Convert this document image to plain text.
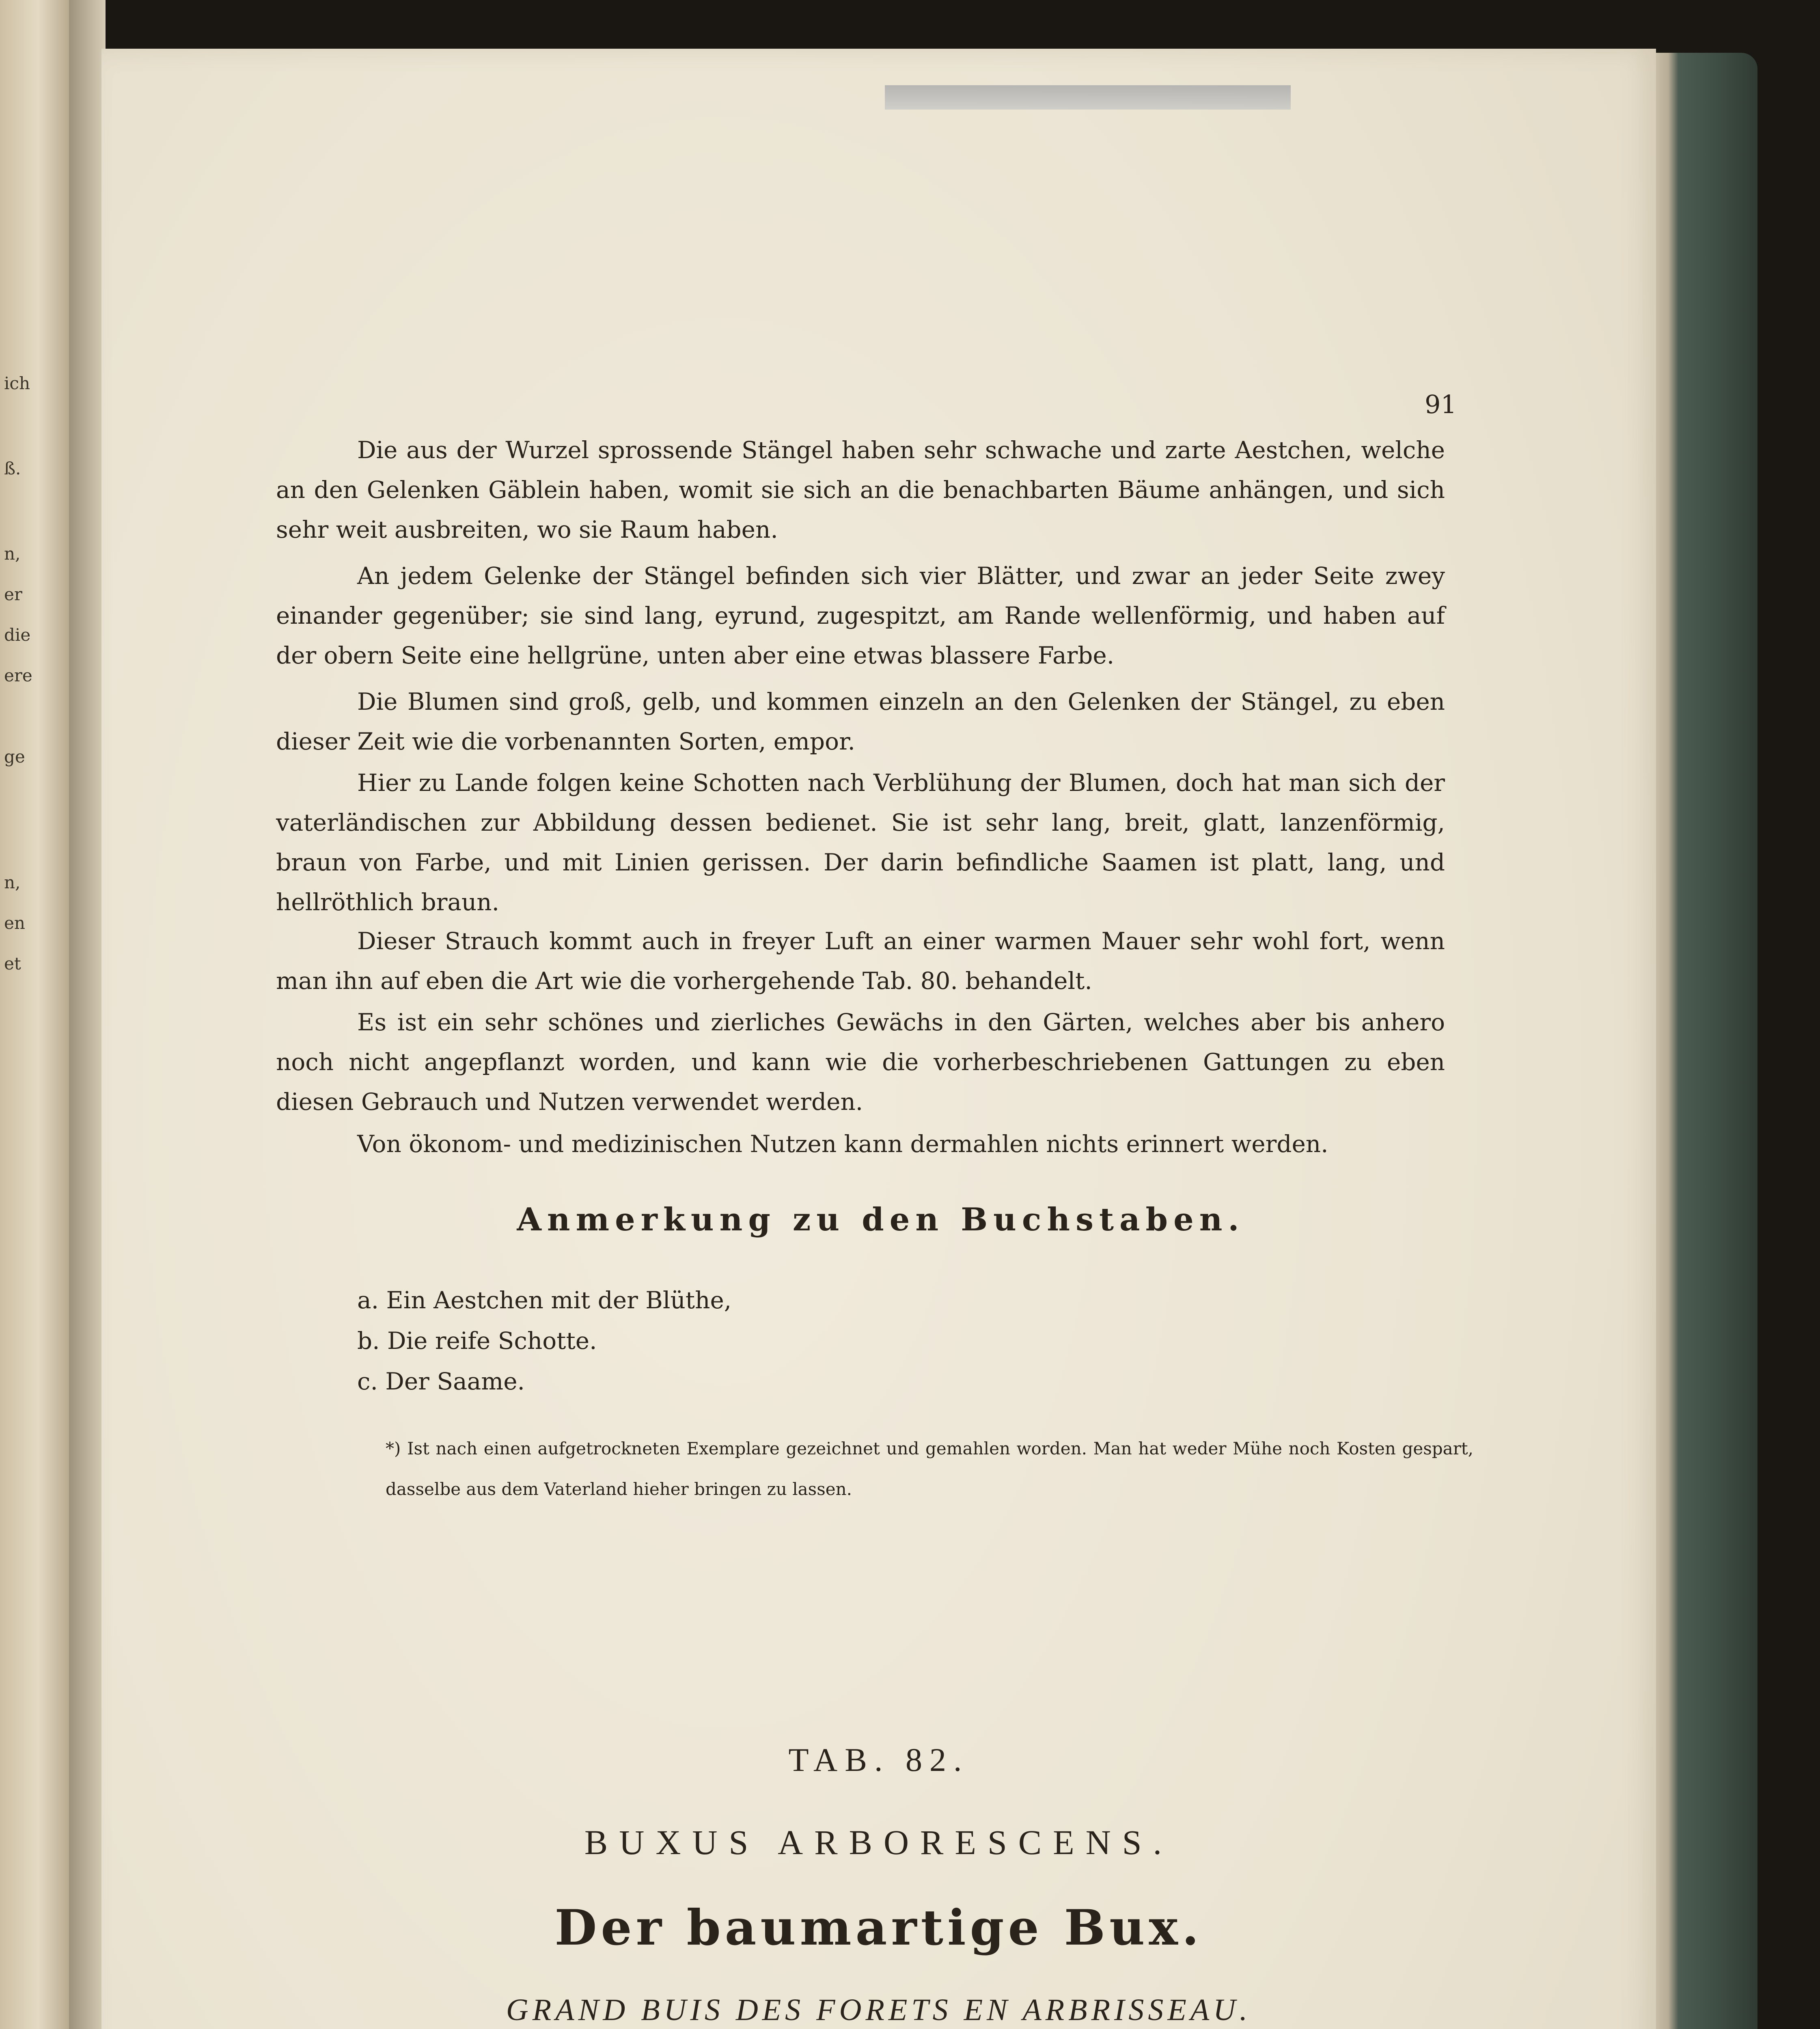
ich
ß.
n,
er
die
ere
ge
n,
en
et
91
Die aus der Wurzel sprossende Stängel haben sehr schwache und zarte Aestchen, welche an den Gelenken Gäblein haben, womit sie sich an die benachbarten Bäume anhängen, und sich sehr weit ausbreiten, wo sie Raum haben.
An jedem Gelenke der Stängel befinden sich vier Blätter, und zwar an jeder Seite zwey einander gegenüber; sie sind lang, eyrund, zugespitzt, am Rande wellenförmig, und haben auf der obern Seite eine hellgrüne, unten aber eine etwas blassere Farbe.
Die Blumen sind groß, gelb, und kommen einzeln an den Gelenken der Stängel, zu eben dieser Zeit wie die vorbenannten Sorten, empor.
Hier zu Lande folgen keine Schotten nach Verblühung der Blumen, doch hat man sich der vaterländischen zur Abbildung dessen bedienet. Sie ist sehr lang, breit, glatt, lanzenförmig, braun von Farbe, und mit Linien gerissen. Der darin befindliche Saamen ist platt, lang, und hellröthlich braun.
Dieser Strauch kommt auch in freyer Luft an einer warmen Mauer sehr wohl fort, wenn man ihn auf eben die Art wie die vorhergehende Tab. 80. behandelt.
Es ist ein sehr schönes und zierliches Gewächs in den Gärten, welches aber bis anhero noch nicht angepflanzt worden, und kann wie die vorherbeschriebenen Gattungen zu eben diesen Gebrauch und Nutzen verwendet werden.
Von ökonom- und medizinischen Nutzen kann dermahlen nichts erinnert werden.
Anmerkung zu den Buchstaben.
a. Ein Aestchen mit der Blüthe,
b. Die reife Schotte.
c. Der Saame.
*) Ist nach einen aufgetrockneten Exemplare gezeichnet und gemahlen worden. Man hat weder Mühe noch Kosten gespart, dasselbe aus dem Vaterland hieher bringen zu lassen.
TAB. 82.
BUXUS ARBORESCENS.
Der baumartige Bux.
GRAND BUIS DES FORETS EN ARBRISSEAU.
